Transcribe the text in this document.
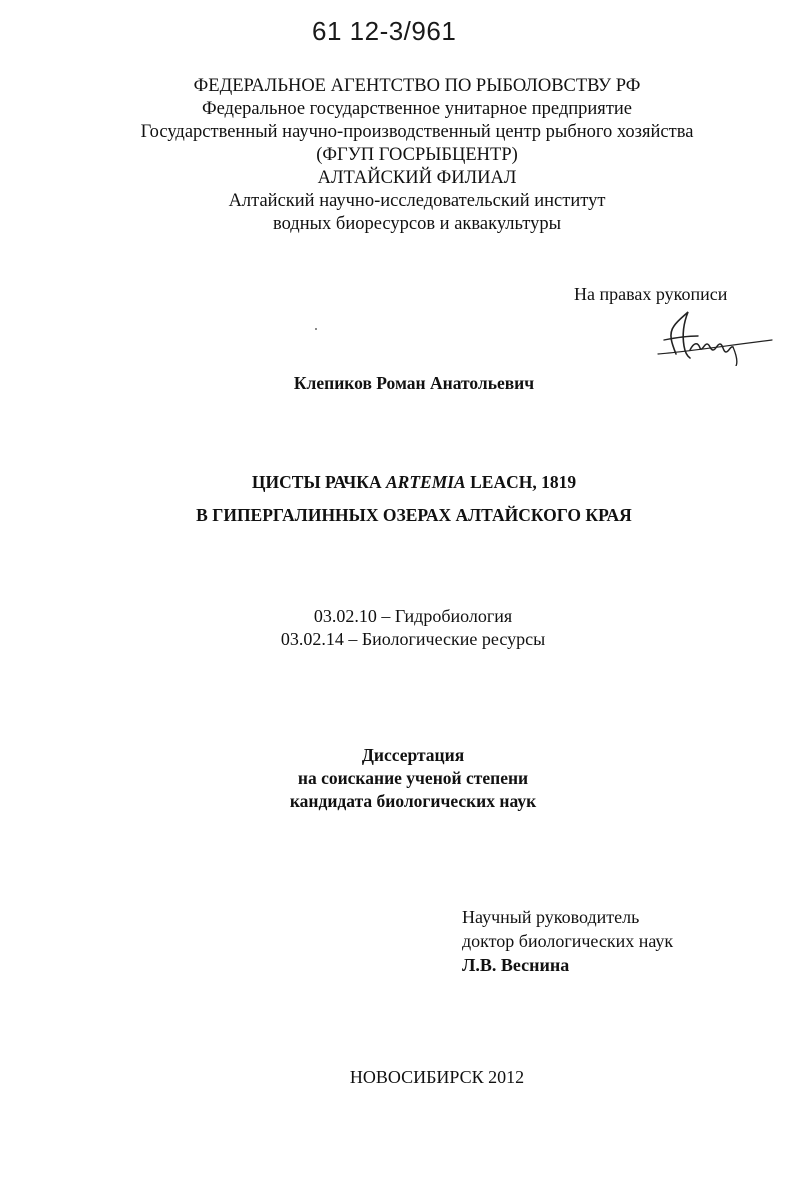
61 12-3/961
ФЕДЕРАЛЬНОЕ АГЕНТСТВО ПО РЫБОЛОВСТВУ РФ
Федеральное государственное унитарное предприятие
Государственный научно-производственный центр рыбного хозяйства
(ФГУП ГОСРЫБЦЕНТР)
АЛТАЙСКИЙ ФИЛИАЛ
Алтайский научно-исследовательский институт
водных биоресурсов и аквакультуры
На правах рукописи
Клепиков Роман Анатольевич
ЦИСТЫ РАЧКА ARTEMIA LEACH, 1819
В ГИПЕРГАЛИННЫХ ОЗЕРАХ АЛТАЙСКОГО КРАЯ
03.02.10 – Гидробиология
03.02.14 – Биологические ресурсы
Диссертация
на соискание ученой степени
кандидата биологических наук
Научный руководитель
доктор биологических наук
Л.В. Веснина
НОВОСИБИРСК 2012
